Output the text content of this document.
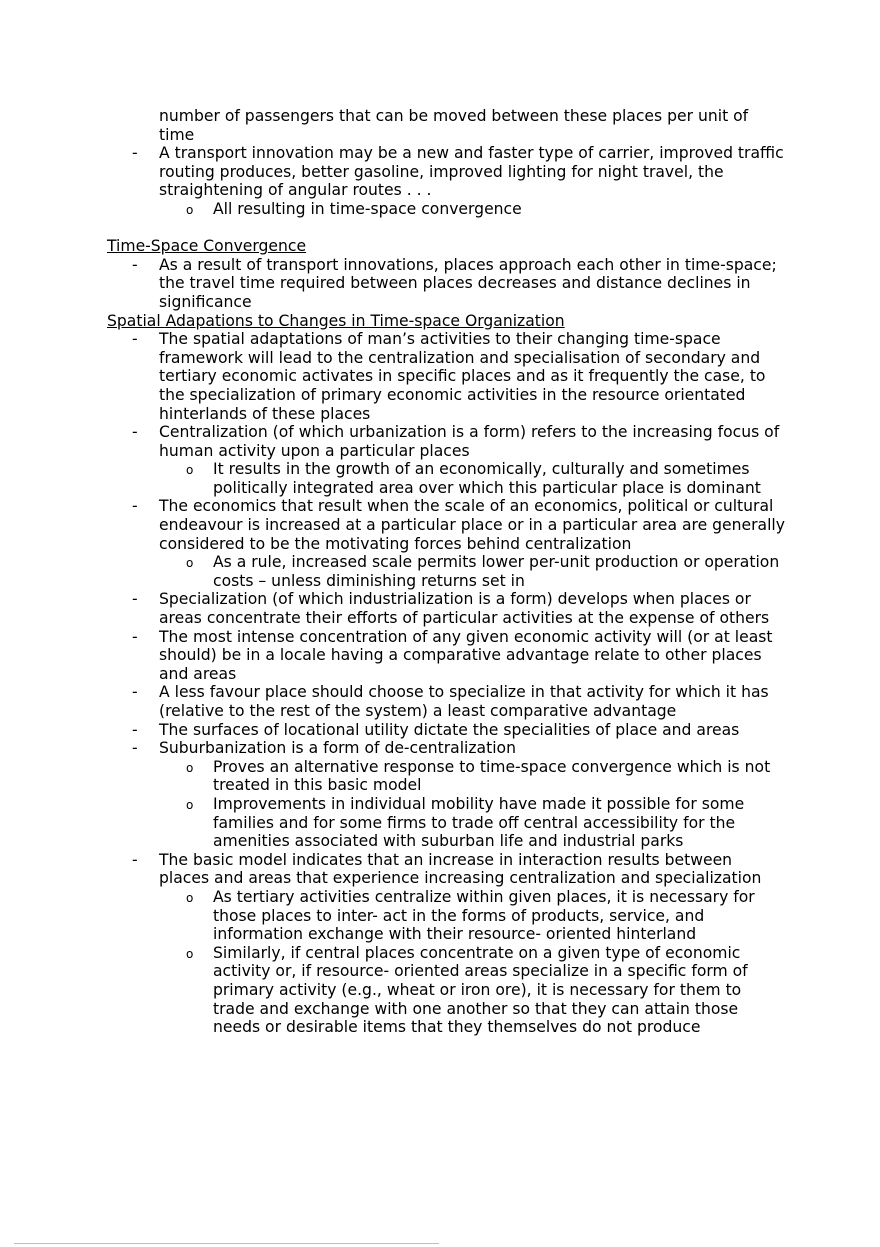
number of passengers that can be moved between these places per unit of time

- A transport innovation may be a new and faster type of carrier, improved traffic routing produces, better gasoline, improved lighting for night travel, the straightening of angular routes . . .

o All resulting in time-space convergence

Time-Space Convergence

- As a result of transport innovations, places approach each other in time-space; the travel time required between places decreases and distance declines in significance

Spatial Adapations to Changes in Time-space Organization

- The spatial adaptations of man’s activities to their changing time-space framework will lead to the centralization and specialisation of secondary and tertiary economic activates in specific places and as it frequently the case, to the specialization of primary economic activities in the resource orientated hinterlands of these places

- Centralization (of which urbanization is a form) refers to the increasing focus of human activity upon a particular places

o It results in the growth of an economically, culturally and sometimes politically integrated area over which this particular place is dominant

- The economics that result when the scale of an economics, political or cultural endeavour is increased at a particular place or in a particular area are generally considered to be the motivating forces behind centralization

o As a rule, increased scale permits lower per-unit production or operation costs – unless diminishing returns set in

- Specialization (of which industrialization is a form) develops when places or areas concentrate their efforts of particular activities at the expense of others

- The most intense concentration of any given economic activity will (or at least should) be in a locale having a comparative advantage relate to other places and areas

- A less favour place should choose to specialize in that activity for which it has (relative to the rest of the system) a least comparative advantage

- The surfaces of locational utility dictate the specialities of place and areas

- Suburbanization is a form of de-centralization

o Proves an alternative response to time-space convergence which is not treated in this basic model

o Improvements in individual mobility have made it possible for some families and for some firms to trade off central accessibility for the amenities associated with suburban life and industrial parks

- The basic model indicates that an increase in interaction results between places and areas that experience increasing centralization and specialization

o As tertiary activities centralize within given places, it is necessary for those places to inter- act in the forms of products, service, and information exchange with their resource- oriented hinterland

o Similarly, if central places concentrate on a given type of economic activity or, if resource- oriented areas specialize in a specific form of primary activity (e.g., wheat or iron ore), it is necessary for them to trade and exchange with one another so that they can attain those needs or desirable items that they themselves do not produce
